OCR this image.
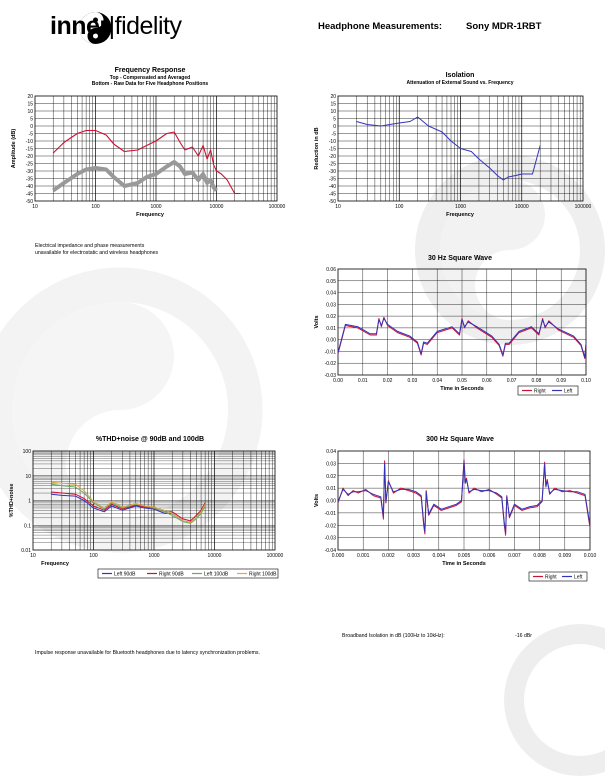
inner|fidelity	Headphone Measurements:	Sony MDR-1RBT
Frequency Response
Top - Compensated and Averaged
Bottom - Raw Data for Five Headphone Positions
Isolation
Attenuation of External Sound vs. Frequency
30 Hz Square Wave
%THD+noise @ 90dB and 100dB	300 Hz Square Wave
Electrical impedance and phase measurements
unavailable for electrostatic and wireless headphones
Impulse response unavailable for Bluetooth headphones due to latency synchronization problems.
Broadband Isolation in dB (100Hz to 10kHz):	-16 dBr
20
15
10
5
0
-5
-10
-15
-20
-25
-30
-35
-40
-45
-50
10	100	1000	10000	100000
Frequency
Amplitude (dB)
20
15
10
5
0
-5
-10
-15
-20
-25
-30
-35
-40
-45
-50
10	100	1000	10000	100000
Frequency
Reduction in dB
0.06
0.05
0.04
0.03
0.02
0.01
0.00
-0.01
-0.02
-0.03
0.00	0.01	0.02	0.03	0.04	0.05	0.06	0.07	0.08	0.09	0.10
Time in Seconds
Volts
Right	Left
100
10
1
0.1
0.01
10	100	1000	10000	100000
Frequency
%THD+noise
Left 90dB	Right 90dB	Left 100dB	Right 100dB
0.04
0.03
0.02
0.01
0.00
-0.01
-0.02
-0.03
-0.04
0.000	0.001	0.002	0.003	0.004	0.005	0.006	0.007	0.008	0.009	0.010
Time in Seconds
Volts
Right	Left
